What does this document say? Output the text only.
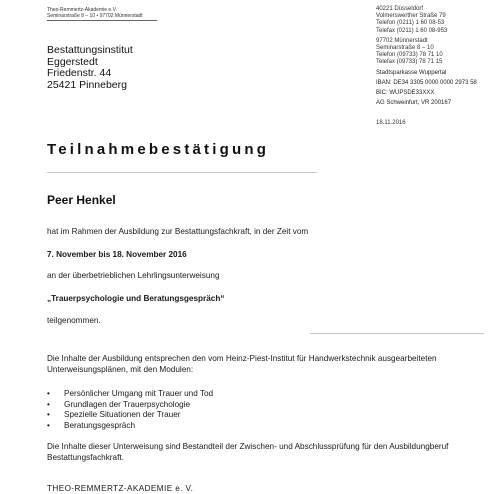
Theo-Remmertz-Akademie e.V.
Seminarstraße 8 – 10 • 97702 Münnerstadt
Bestattungsinstitut
Eggerstedt
Friedenstr. 44
25421 Pinneberg
40221 Düsseldorf
Volmerswerther Straße 79
Telefon (0211) 1 60 08-53
Telefax (0211) 1 60 08-953
97702 Münnerstadt
Seminarstraße 8 – 10
Telefon (09733) 78 71 10
Telefax (09733) 78 71 15
Stadtsparkasse Wuppertal
IBAN: DE34 3305 0000 0000 2973 58
BIC: WUPSDE33XXX
AG Schweinfurt, VR 200167
18.11.2016
Teilnahmebestätigung
Peer Henkel
hat im Rahmen der Ausbildung zur Bestattungsfachkraft, in der Zeit vom
7. November bis 18. November 2016
an der überbetrieblichen Lehrlingsunterweisung
„Trauerpsychologie und Beratungsgespräch“
teilgenommen.
Die Inhalte der Ausbildung entsprechen den vom Heinz-Piest-Institut für Handwerkstechnik ausgearbeiteten Unterweisungsplänen, mit den Modulen:
• Persönlicher Umgang mit Trauer und Tod
• Grundlagen der Trauerpsychologie
• Spezielle Situationen der Trauer
• Beratungsgespräch
Die Inhalte dieser Unterweisung sind Bestandteil der Zwischen- und Abschlussprüfung für den Ausbildungberuf Bestattungsfachkraft.
THEO-REMMERTZ-AKADEMIE e. V.
